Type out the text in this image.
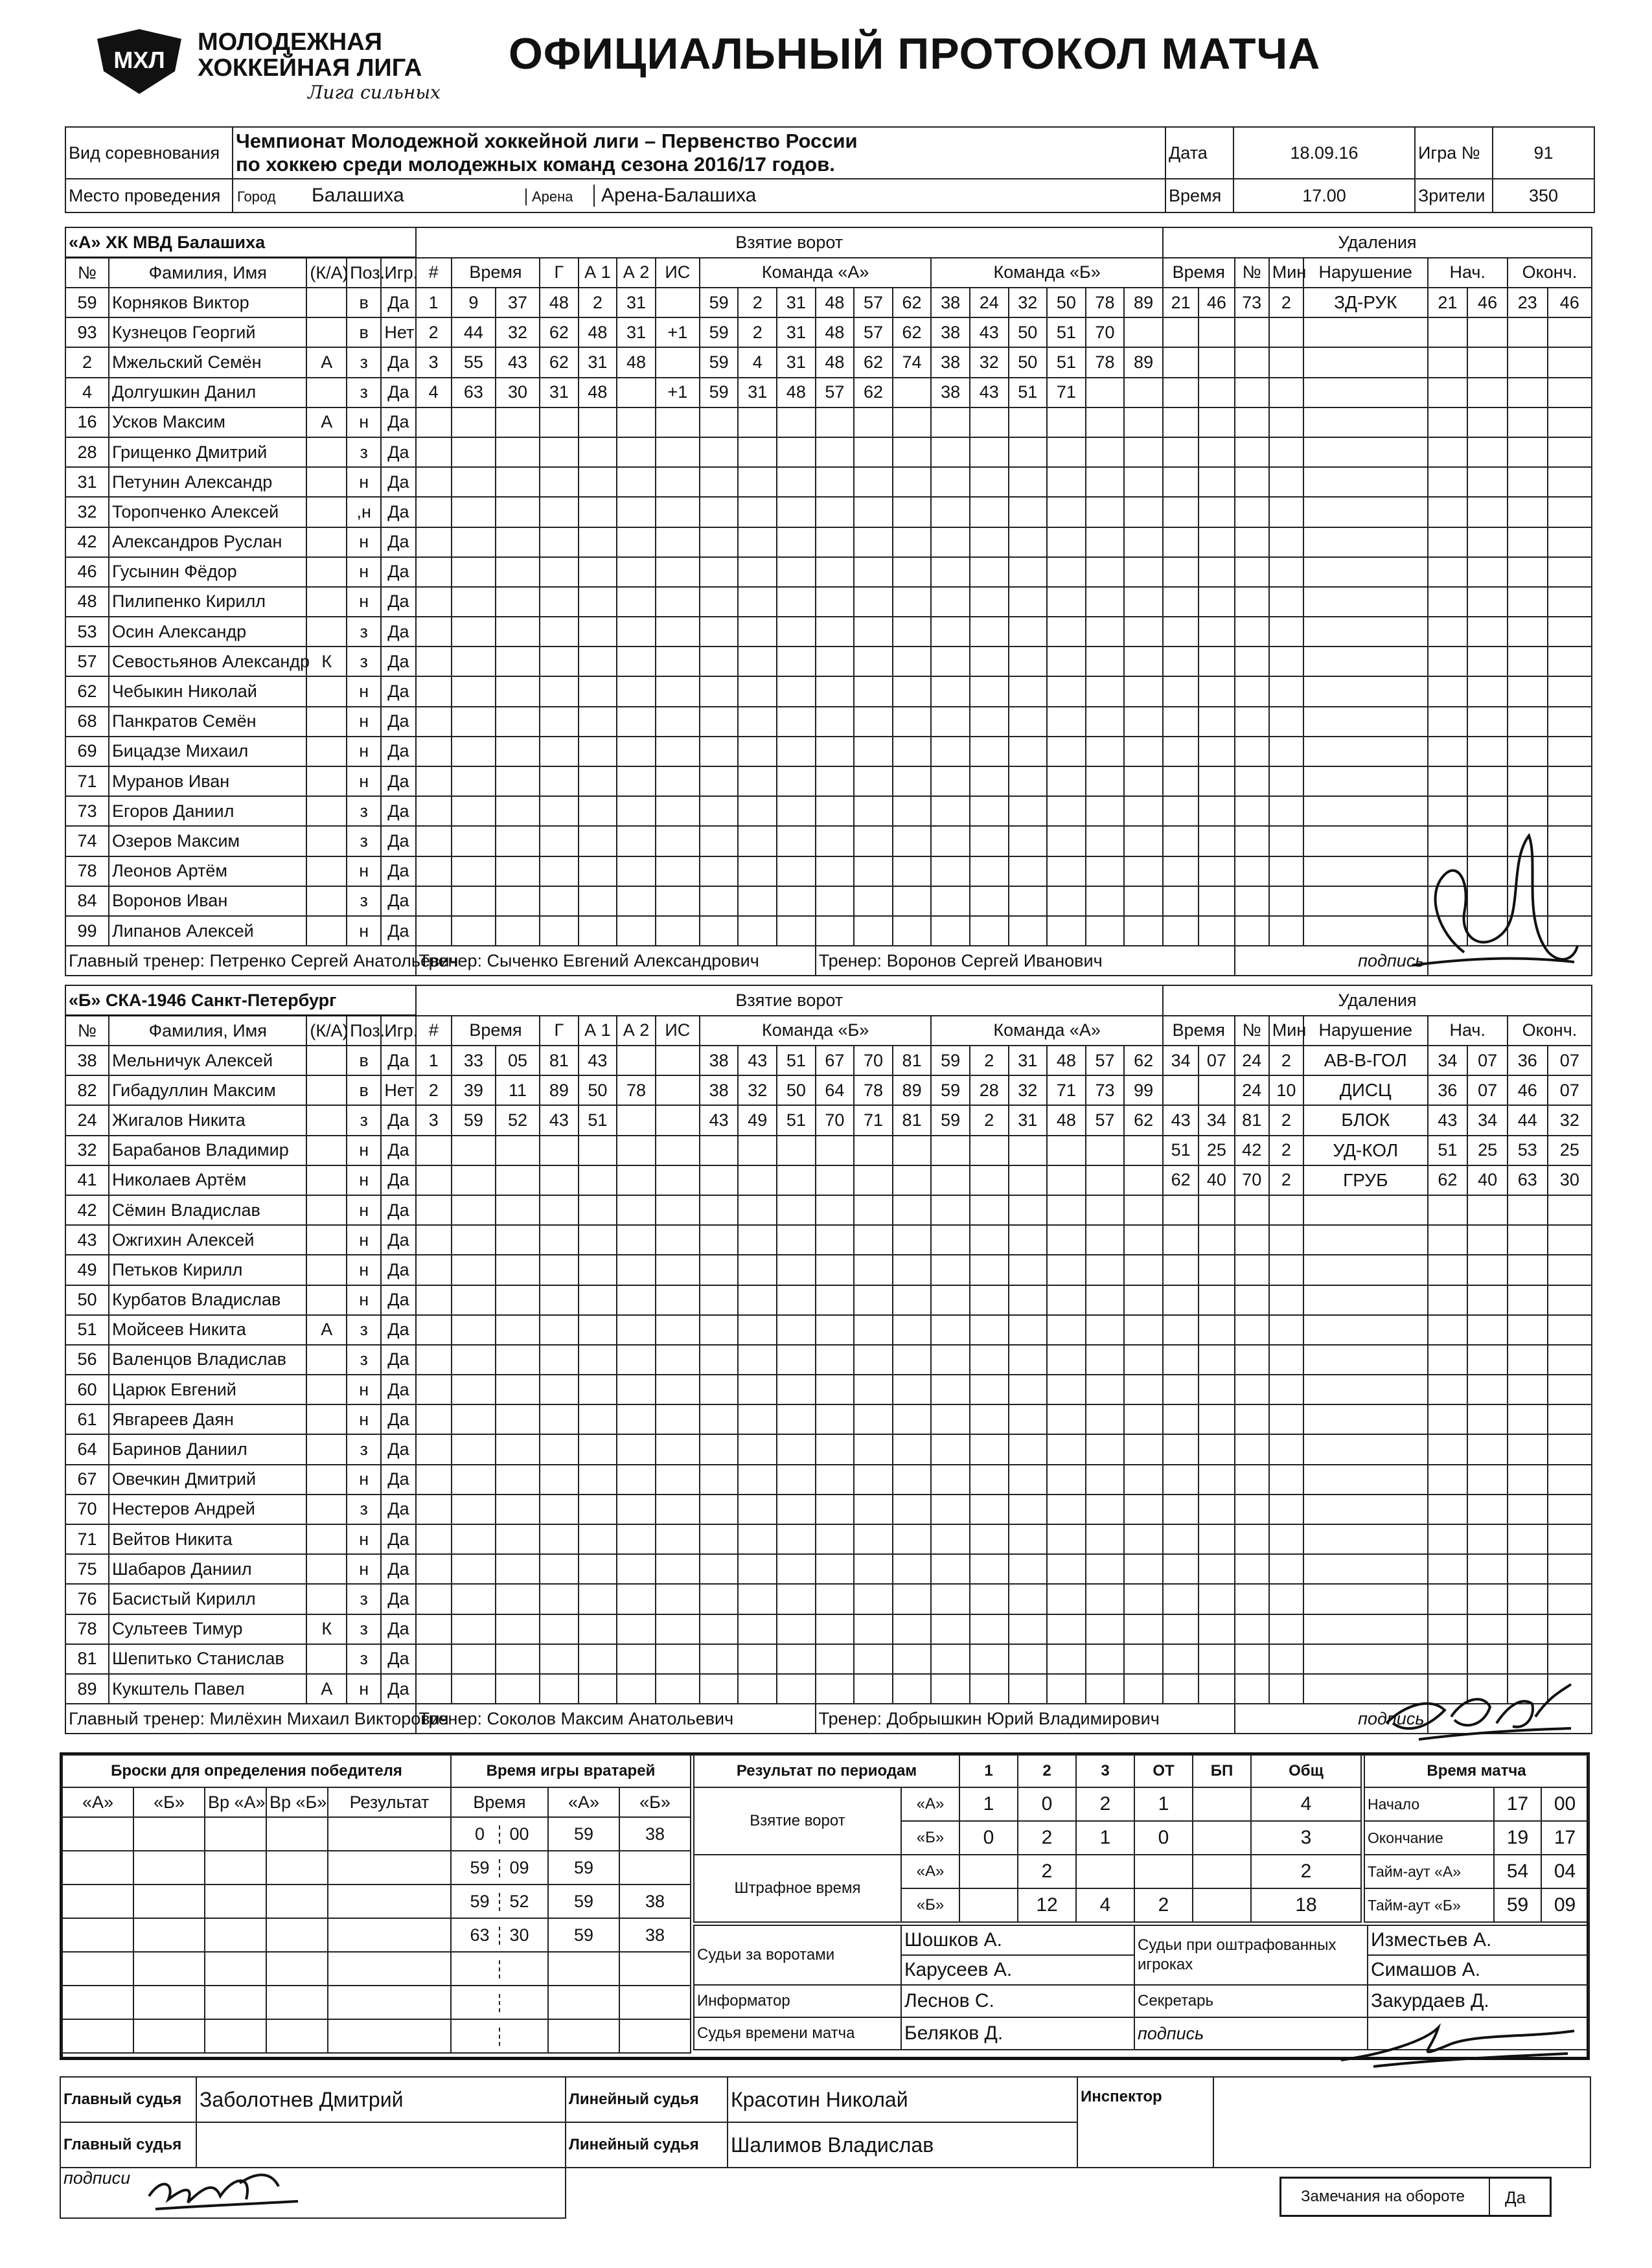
МХЛ
МОЛОДЕЖНАЯ
ХОККЕЙНАЯ ЛИГА
Лига сильных
ОФИЦИАЛЬНЫЙ ПРОТОКОЛ МАТЧА
Вид соревнования	Чемпионат Молодежной хоккейной лиги – Первенство России
по хоккею среди молодежных команд сезона 2016/17 годов.	Дата	18.09.16	Игра №	91
Место проведения	Город Балашиха Арена Арена-Балашиха	Время	17.00	Зрители	350
«А» ХК МВД Балашиха					Взятие ворот																			Удаления								
№	Фамилия, Имя	(К/А)	Поз.	Игр.	#	Время		Г	А 1	А 2	ИС	Команда «А»						Команда «Б»						Время		№	Мин	Нарушение	Нач.		Оконч.	
59	Корняков Виктор		в	Да	1	9	37	48	2	31		59	2	31	48	57	62	38	24	32	50	78	89	21	46	73	2	ЗД-РУК	21	46	23	46
93	Кузнецов Георгий		в	Нет	2	44	32	62	48	31	+1	59	2	31	48	57	62	38	43	50	51	70										
2	Мжельский Семён	А	з	Да	3	55	43	62	31	48		59	4	31	48	62	74	38	32	50	51	78	89									
4	Долгушкин Данил		з	Да	4	63	30	31	48		+1	59	31	48	57	62		38	43	51	71											
16	Усков Максим	А	н	Да																												
28	Грищенко Дмитрий		з	Да																												
31	Петунин Александр		н	Да																												
32	Торопченко Алексей		,н	Да																												
42	Александров Руслан		н	Да																												
46	Гусынин Фёдор		н	Да																												
48	Пилипенко Кирилл		н	Да																												
53	Осин Александр		з	Да																												
57	Севостьянов Александр	К	з	Да																												
62	Чебыкин Николай		н	Да																												
68	Панкратов Семён		н	Да																												
69	Бицадзе Михаил		н	Да																												
71	Муранов Иван		н	Да																												
73	Егоров Даниил		з	Да																												
74	Озеров Максим		з	Да																												
78	Леонов Артём		н	Да																												
84	Воронов Иван		з	Да																												
99	Липанов Алексей		н	Да																												
Главный тренер: Петренко Сергей Анатольевич					Тренер: Сыченко Евгений Александрович										Тренер: Воронов Сергей Иванович											подпись						
«Б» СКА-1946 Санкт-Петербург					Взятие ворот																			Удаления								
№	Фамилия, Имя	(К/А)	Поз.	Игр.	#	Время		Г	А 1	А 2	ИС	Команда «Б»						Команда «А»						Время		№	Мин	Нарушение	Нач.		Оконч.	
38	Мельничук Алексей		в	Да	1	33	05	81	43			38	43	51	67	70	81	59	2	31	48	57	62	34	07	24	2	АВ-В-ГОЛ	34	07	36	07
82	Гибадуллин Максим		в	Нет	2	39	11	89	50	78		38	32	50	64	78	89	59	28	32	71	73	99			24	10	ДИСЦ	36	07	46	07
24	Жигалов Никита		з	Да	3	59	52	43	51			43	49	51	70	71	81	59	2	31	48	57	62	43	34	81	2	БЛОК	43	34	44	32
32	Барабанов Владимир		н	Да																				51	25	42	2	УД-КОЛ	51	25	53	25
41	Николаев Артём		н	Да																				62	40	70	2	ГРУБ	62	40	63	30
42	Сёмин Владислав		н	Да																												
43	Ожгихин Алексей		н	Да																												
49	Петьков Кирилл		н	Да																												
50	Курбатов Владислав		н	Да																												
51	Мойсеев Никита	А	з	Да																												
56	Валенцов Владислав		з	Да																												
60	Царюк Евгений		н	Да																												
61	Явгареев Даян		н	Да																												
64	Баринов Даниил		з	Да																												
67	Овечкин Дмитрий		н	Да																												
70	Нестеров Андрей		з	Да																												
71	Вейтов Никита		н	Да																												
75	Шабаров Даниил		н	Да																												
76	Басистый Кирилл		з	Да																												
78	Сультеев Тимур	К	з	Да																												
81	Шепитько Станислав		з	Да																												
89	Кукштель Павел	А	н	Да																												
Главный тренер: Милёхин Михаил Викторович					Тренер: Соколов Максим Анатольевич										Тренер: Добрышкин Юрий Владимирович											подпись						
Броски для определения победителя				
«А»	«Б»	Вр «А»	Вр «Б»	Результат

Время игры вратарей		
Время	«А»	«Б»
0 00	59	38
59 09	59	
59 52	59	38
63 30	59	38

Результат по периодам		1	2	3	ОТ	БП	Общ
Взятие ворот	«А»	1	0	2	1		4
	«Б»	0	2	1	0		3
Штрафное время	«А»		2				2
	«Б»		12	4	2		18
Время матча		
Начало	17	00
Окончание	19	17
Тайм-аут «А»	54	04
Тайм-аут «Б»	59	09
Судьи за воротами	Шошков А.	Судьи при оштрафованных игроках	Изместьев А.
	Карусеев А.		Симашов А.
Информатор	Леснов С.	Секретарь	Закурдаев Д.
Судья времени матча	Беляков Д.	подпись	
Главный судья	Заболотнев Дмитрий	Линейный судья	Красотин Николай	Инспектор	
Главный судья		Линейный судья	Шалимов Владислав		
подписи					
Замечания на обороте Да
